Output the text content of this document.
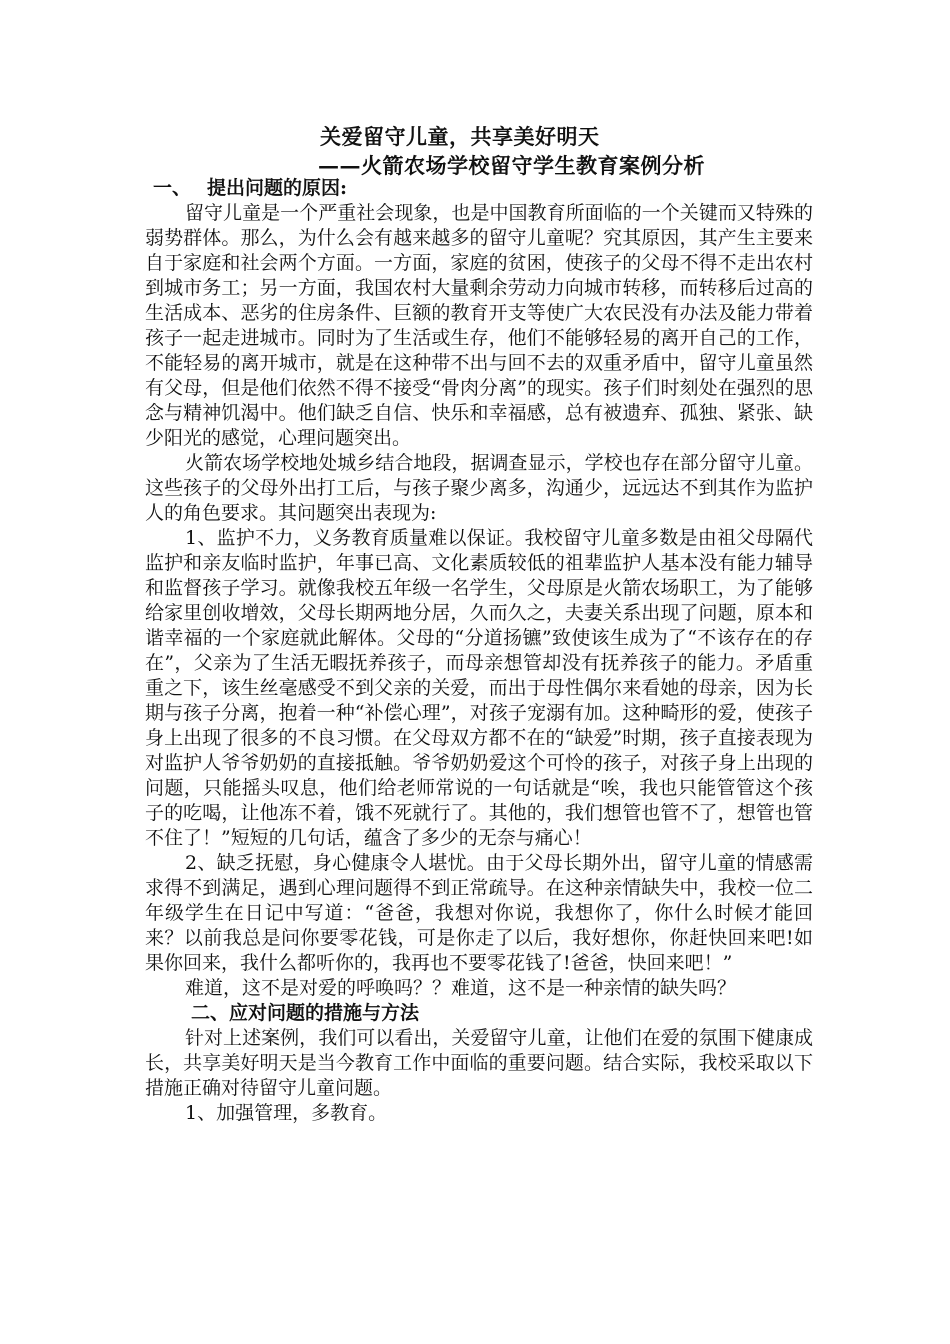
关爱留守儿童，共享美好明天
——火箭农场学校留守学生教育案例分析

一、 提出问题的原因:

留守儿童是一个严重社会现象，也是中国教育所面临的一个关键而又特殊的弱势群体。那么，为什么会有越来越多的留守儿童呢？究其原因，其产生主要来自于家庭和社会两个方面。一方面，家庭的贫困，使孩子的父母不得不走出农村到城市务工；另一方面，我国农村大量剩余劳动力向城市转移，而转移后过高的生活成本、恶劣的住房条件、巨额的教育开支等使广大农民没有办法及能力带着孩子一起走进城市。同时为了生活或生存，他们不能够轻易的离开自己的工作，不能轻易的离开城市，就是在这种带不出与回不去的双重矛盾中，留守儿童虽然有父母，但是他们依然不得不接受“骨肉分离”的现实。孩子们时刻处在强烈的思念与精神饥渴中。他们缺乏自信、快乐和幸福感，总有被遗弃、孤独、紧张、缺少阳光的感觉，心理问题突出。

火箭农场学校地处城乡结合地段，据调查显示，学校也存在部分留守儿童。这些孩子的父母外出打工后，与孩子聚少离多，沟通少，远远达不到其作为监护人的角色要求。其问题突出表现为:

1、监护不力，义务教育质量难以保证。我校留守儿童多数是由祖父母隔代监护和亲友临时监护，年事已高、文化素质较低的祖辈监护人基本没有能力辅导和监督孩子学习。就像我校五年级一名学生，父母原是火箭农场职工，为了能够给家里创收增效，父母长期两地分居，久而久之，夫妻关系出现了问题，原本和谐幸福的一个家庭就此解体。父母的“分道扬镳”致使该生成为了“不该存在的存在”，父亲为了生活无暇抚养孩子，而母亲想管却没有抚养孩子的能力。矛盾重重之下，该生丝毫感受不到父亲的关爱，而出于母性偶尔来看她的母亲，因为长期与孩子分离，抱着一种“补偿心理”，对孩子宠溺有加。这种畸形的爱，使孩子身上出现了很多的不良习惯。在父母双方都不在的“缺爱”时期，孩子直接表现为对监护人爷爷奶奶的直接抵触。爷爷奶奶爱这个可怜的孩子，对孩子身上出现的问题，只能摇头叹息，他们给老师常说的一句话就是“唉，我也只能管管这个孩子的吃喝，让他冻不着，饿不死就行了。其他的，我们想管也管不了，想管也管不住了！”短短的几句话，蕴含了多少的无奈与痛心！

2、缺乏抚慰，身心健康令人堪忧。由于父母长期外出，留守儿童的情感需求得不到满足，遇到心理问题得不到正常疏导。在这种亲情缺失中，我校一位二年级学生在日记中写道：“爸爸，我想对你说，我想你了，你什么时候才能回来？以前我总是问你要零花钱，可是你走了以后，我好想你，你赶快回来吧!如果你回来，我什么都听你的，我再也不要零花钱了!爸爸，快回来吧！”

难道，这不是对爱的呼唤吗？？难道，这不是一种亲情的缺失吗？

二、应对问题的措施与方法

针对上述案例，我们可以看出，关爱留守儿童，让他们在爱的氛围下健康成长，共享美好明天是当今教育工作中面临的重要问题。结合实际，我校采取以下措施正确对待留守儿童问题。

1、加强管理，多教育。
